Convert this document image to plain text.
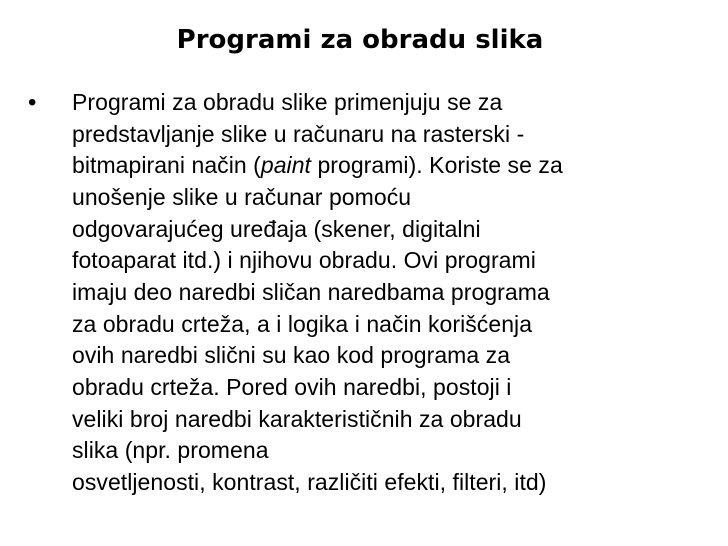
Programi za obradu slika
•	Programi za obradu slike primenjuju se za
predstavljanje slike u računaru na rasterski -
bitmapirani način (paint programi). Koriste se za
unošenje slike u računar pomoću
odgovarajućeg uređaja (skener, digitalni
fotoaparat itd.) i njihovu obradu. Ovi programi
imaju deo naredbi sličan naredbama programa
za obradu crteža, a i logika i način korišćenja
ovih naredbi slični su kao kod programa za
obradu crteža. Pored ovih naredbi, postoji i
veliki broj naredbi karakterističnih za obradu
slika (npr. promena
osvetljenosti, kontrast, različiti efekti, filteri, itd)
